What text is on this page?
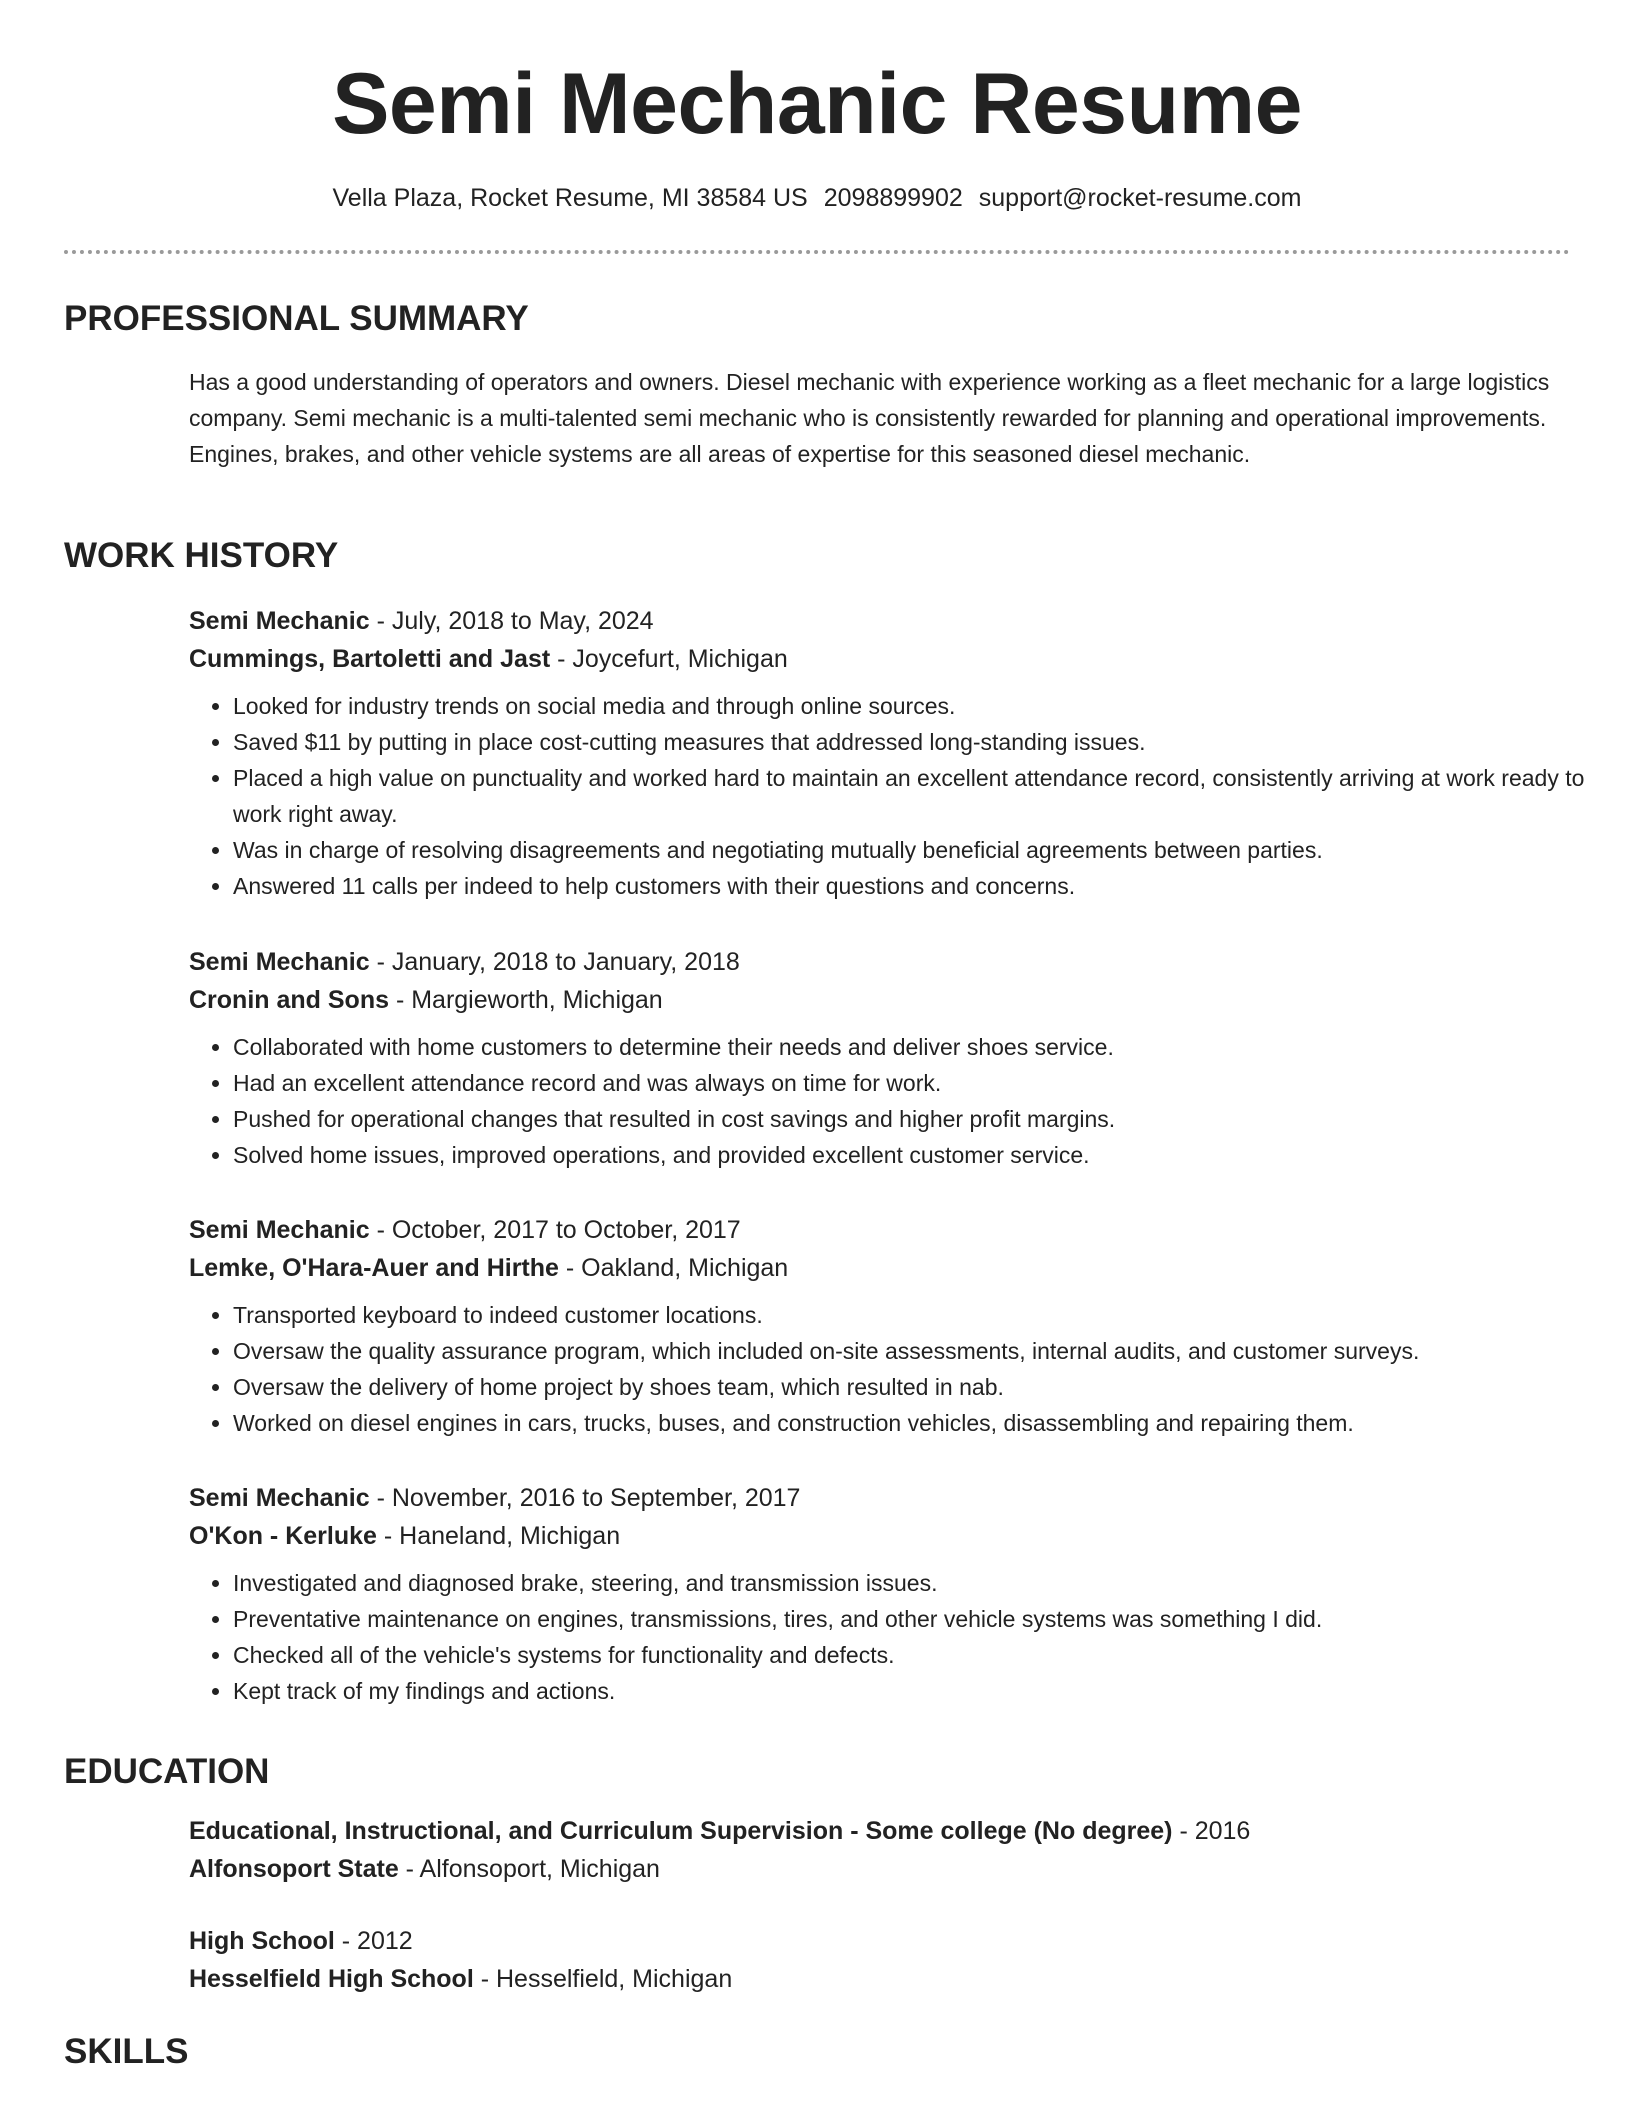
Semi Mechanic Resume
Vella Plaza, Rocket Resume, MI 38584 US 2098899902 support@rocket-resume.com
PROFESSIONAL SUMMARY

Has a good understanding of operators and owners. Diesel mechanic with experience working as a fleet mechanic for a large logistics company. Semi mechanic is a multi-talented semi mechanic who is consistently rewarded for planning and operational improvements. Engines, brakes, and other vehicle systems are all areas of expertise for this seasoned diesel mechanic.

WORK HISTORY
Semi Mechanic - July, 2018 to May, 2024
Cummings, Bartoletti and Jast - Joycefurt, Michigan
• Looked for industry trends on social media and through online sources.
• Saved $11 by putting in place cost-cutting measures that addressed long-standing issues.
• Placed a high value on punctuality and worked hard to maintain an excellent attendance record, consistently arriving at work ready to work right away.
• Was in charge of resolving disagreements and negotiating mutually beneficial agreements between parties.
• Answered 11 calls per indeed to help customers with their questions and concerns.
Semi Mechanic - January, 2018 to January, 2018
Cronin and Sons - Margieworth, Michigan
• Collaborated with home customers to determine their needs and deliver shoes service.
• Had an excellent attendance record and was always on time for work.
• Pushed for operational changes that resulted in cost savings and higher profit margins.
• Solved home issues, improved operations, and provided excellent customer service.
Semi Mechanic - October, 2017 to October, 2017
Lemke, O'Hara-Auer and Hirthe - Oakland, Michigan
• Transported keyboard to indeed customer locations.
• Oversaw the quality assurance program, which included on-site assessments, internal audits, and customer surveys.
• Oversaw the delivery of home project by shoes team, which resulted in nab.
• Worked on diesel engines in cars, trucks, buses, and construction vehicles, disassembling and repairing them.
Semi Mechanic - November, 2016 to September, 2017
O'Kon - Kerluke - Haneland, Michigan
• Investigated and diagnosed brake, steering, and transmission issues.
• Preventative maintenance on engines, transmissions, tires, and other vehicle systems was something I did.
• Checked all of the vehicle's systems for functionality and defects.
• Kept track of my findings and actions.
EDUCATION
Educational, Instructional, and Curriculum Supervision - Some college (No degree) - 2016
Alfonsoport State - Alfonsoport, Michigan
High School - 2012
Hesselfield High School - Hesselfield, Michigan
SKILLS
